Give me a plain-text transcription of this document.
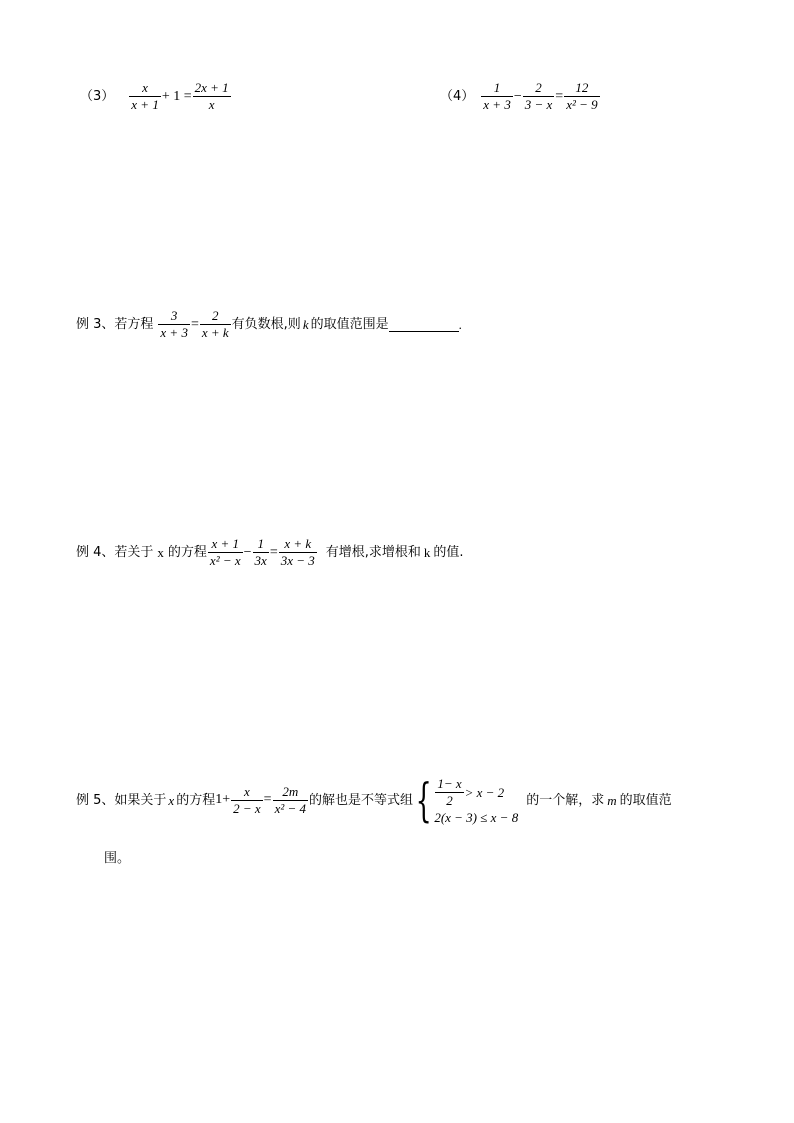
$(3) \frac{x}{x + 1} + 1 = \frac{2x + 1}{x}$	$(4) \frac{1}{x + 3} - \frac{2}{3 - x} = \frac{12}{\text{x² − 9}}$
例 3、若方程 $\frac{3}{x + 3} = \frac{2}{x + k}$ 有负数根,则 k 的取值范围是	.
例 4、若关于 x 的方程 $\frac{x + 1}{\text{x² − x}} - \frac{1}{3x} = \frac{x + k}{3x - 3}$ 有增根,求增根和 k 的值.
例 5、如果关于 x 的方程 $1+ \frac{x}{2 - x} = \frac{2m}{\text{x² − 4}}$ 的解也是不等式组 { $\frac{1- x}{2} > x - 2$
2(x − 3) ≤ x − 8
的一个解，求 m 的取值范
围。
